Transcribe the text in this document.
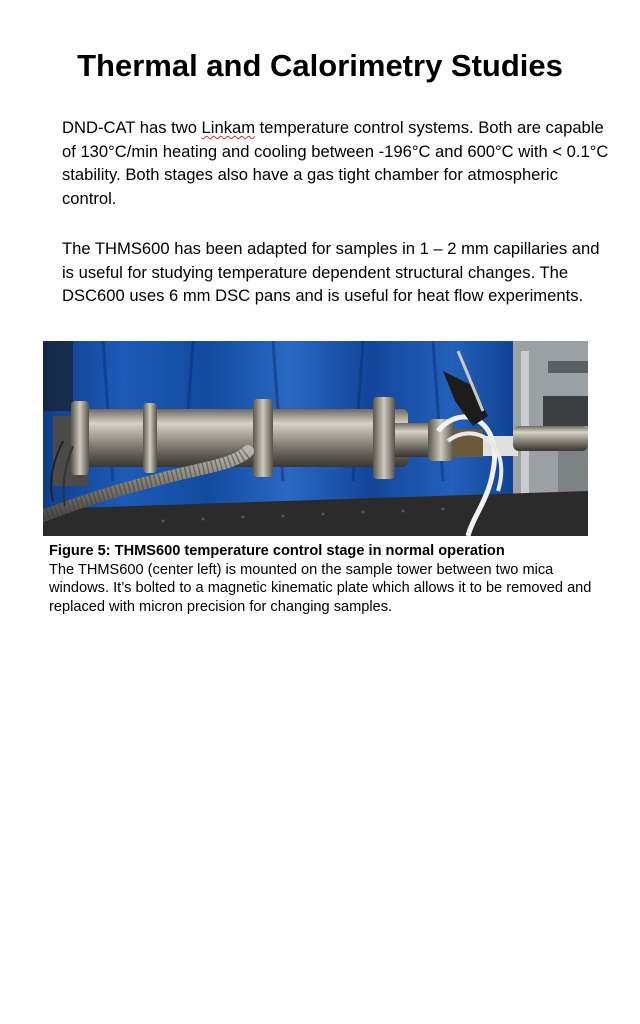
Thermal and Calorimetry Studies

DND-CAT has two Linkam temperature control systems. Both are capable of 130°C/min heating and cooling between -196°C and 600°C with < 0.1°C stability. Both stages also have a gas tight chamber for atmospheric control.

The THMS600 has been adapted for samples in 1 – 2 mm capillaries and is useful for studying temperature dependent structural changes. The DSC600 uses 6 mm DSC pans and is useful for heat flow experiments.

Figure 5: THMS600 temperature control stage in normal operation
The THMS600 (center left) is mounted on the sample tower between two mica windows. It’s bolted to a magnetic kinematic plate which allows it to be removed and replaced with micron precision for changing samples.
